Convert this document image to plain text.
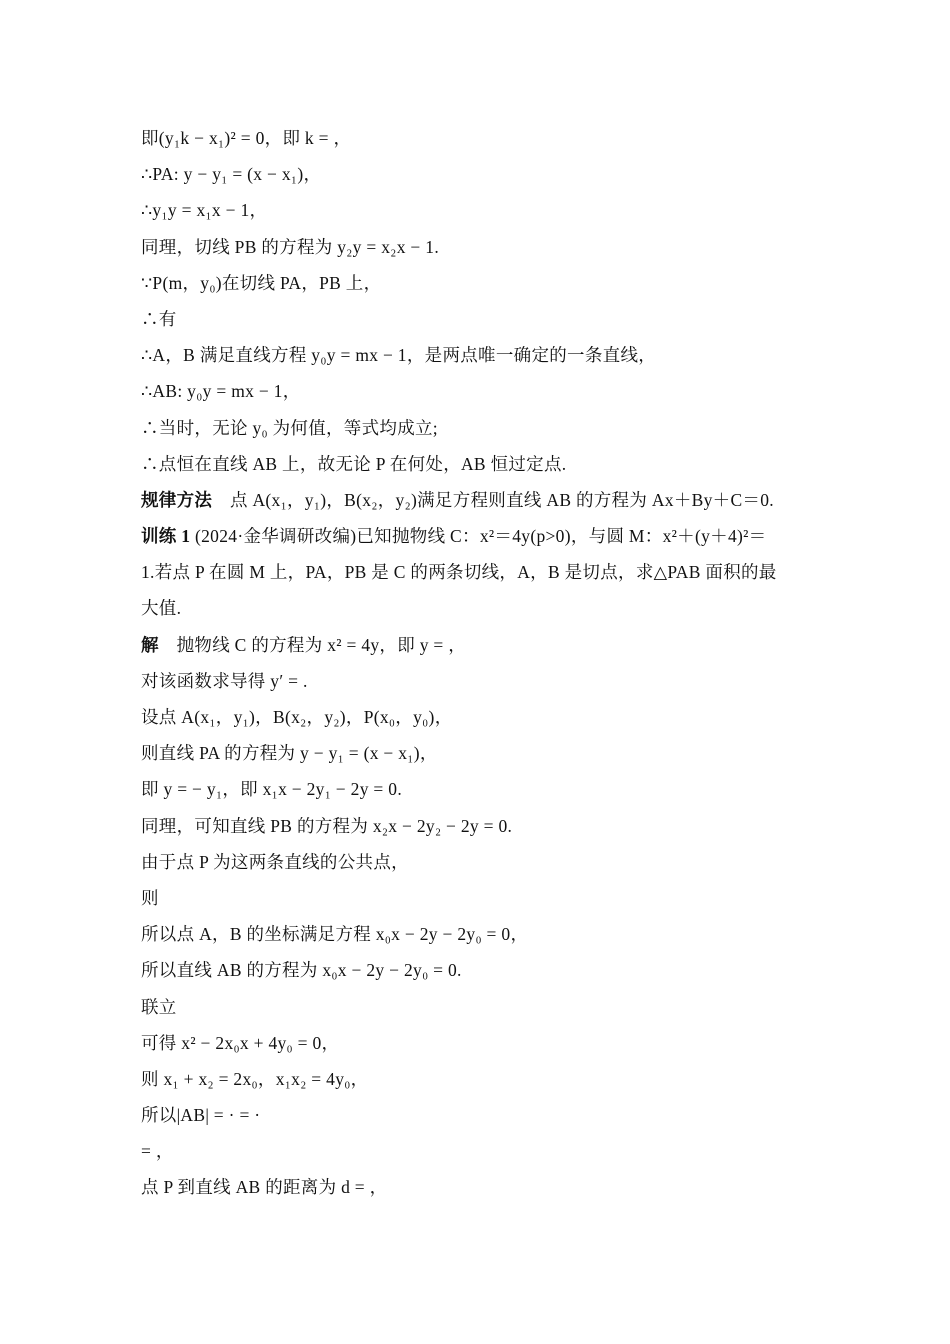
即(y₁k − x₁)² = 0，即 k = ，
∴PA: y − y₁ = (x − x₁)，
∴y₁y = x₁x − 1，
同理，切线 PB 的方程为 y₂y = x₂x − 1.
∵P(m，y₀)在切线 PA，PB 上，
∴有
∴A，B 满足直线方程 y₀y = mx − 1，是两点唯一确定的一条直线，
∴AB: y₀y = mx − 1，
∴当时，无论 y₀ 为何值，等式均成立;
∴点恒在直线 AB 上，故无论 P 在何处，AB 恒过定点.
规律方法　点 A(x₁，y₁)，B(x₂，y₂)满足方程则直线 AB 的方程为 Ax＋By＋C＝0.
训练 1 (2024·金华调研改编)已知抛物线 C：x²＝4y(p>0)，与圆 M：x²＋(y＋4)²＝
1.若点 P 在圆 M 上，PA，PB 是 C 的两条切线，A，B 是切点，求△PAB 面积的最
大值.
解　抛物线 C 的方程为 x² = 4y，即 y = ，
对该函数求导得 y′ = .
设点 A(x₁，y₁)，B(x₂，y₂)，P(x₀，y₀)，
则直线 PA 的方程为 y − y₁ = (x − x₁)，
即 y = − y₁，即 x₁x − 2y₁ − 2y = 0.
同理，可知直线 PB 的方程为 x₂x − 2y₂ − 2y = 0.
由于点 P 为这两条直线的公共点，
则
所以点 A，B 的坐标满足方程 x₀x − 2y − 2y₀ = 0，
所以直线 AB 的方程为 x₀x − 2y − 2y₀ = 0.
联立
可得 x² − 2x₀x + 4y₀ = 0，
则 x₁ + x₂ = 2x₀，x₁x₂ = 4y₀，
所以|AB| = · = ·
= ，
点 P 到直线 AB 的距离为 d = ，
